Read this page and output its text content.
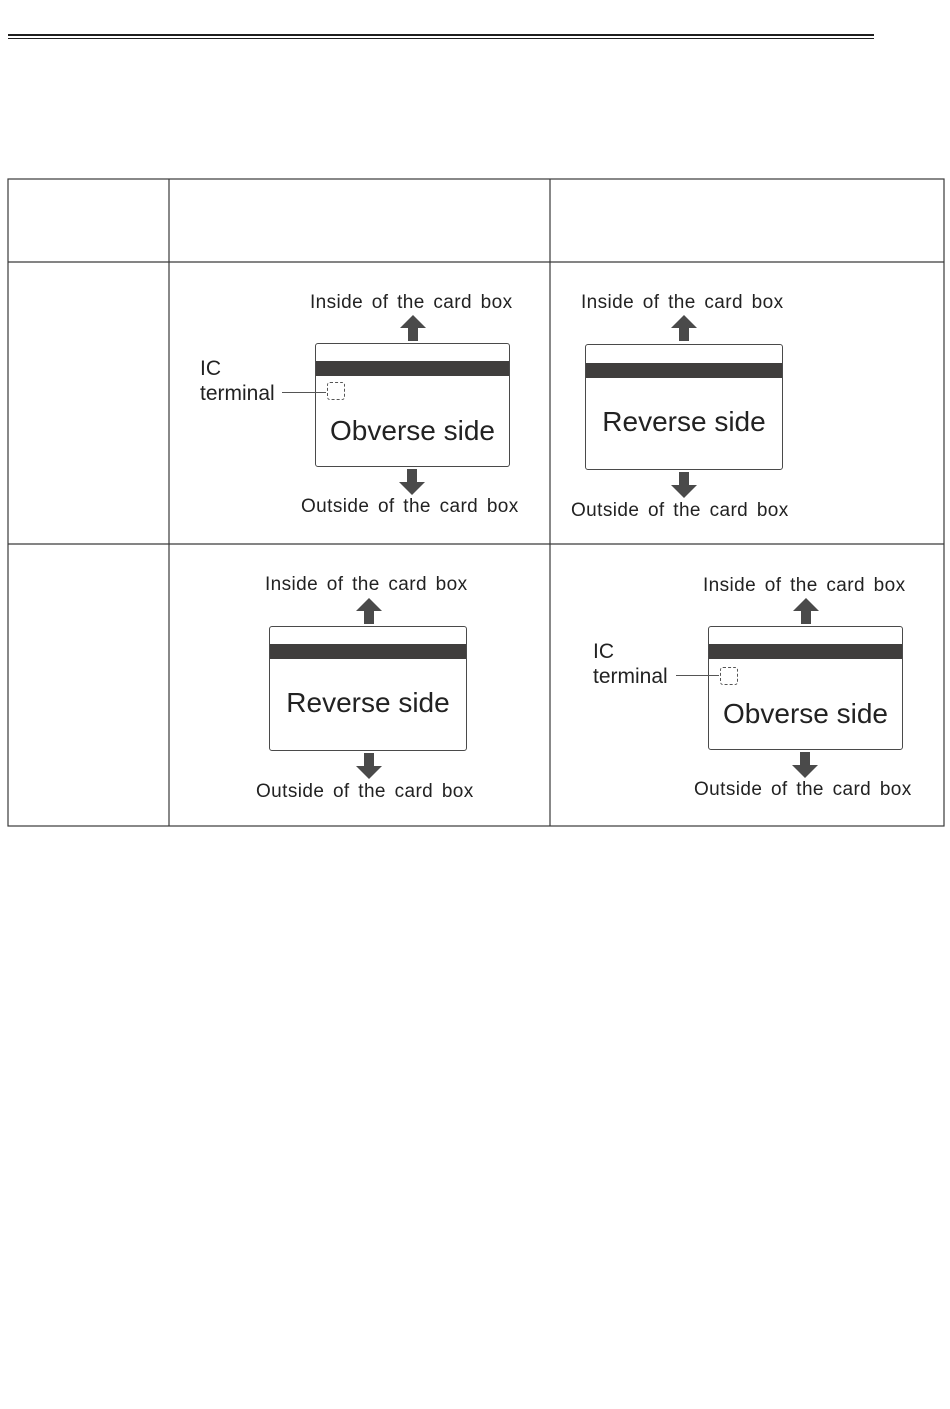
Inside of the card box
Obverse side
IC
terminal
Outside of the card box
Inside of the card box
Reverse side
Outside of the card box
Inside of the card box
Reverse side
Outside of the card box
Inside of the card box
Obverse side
IC
terminal
Outside of the card box
